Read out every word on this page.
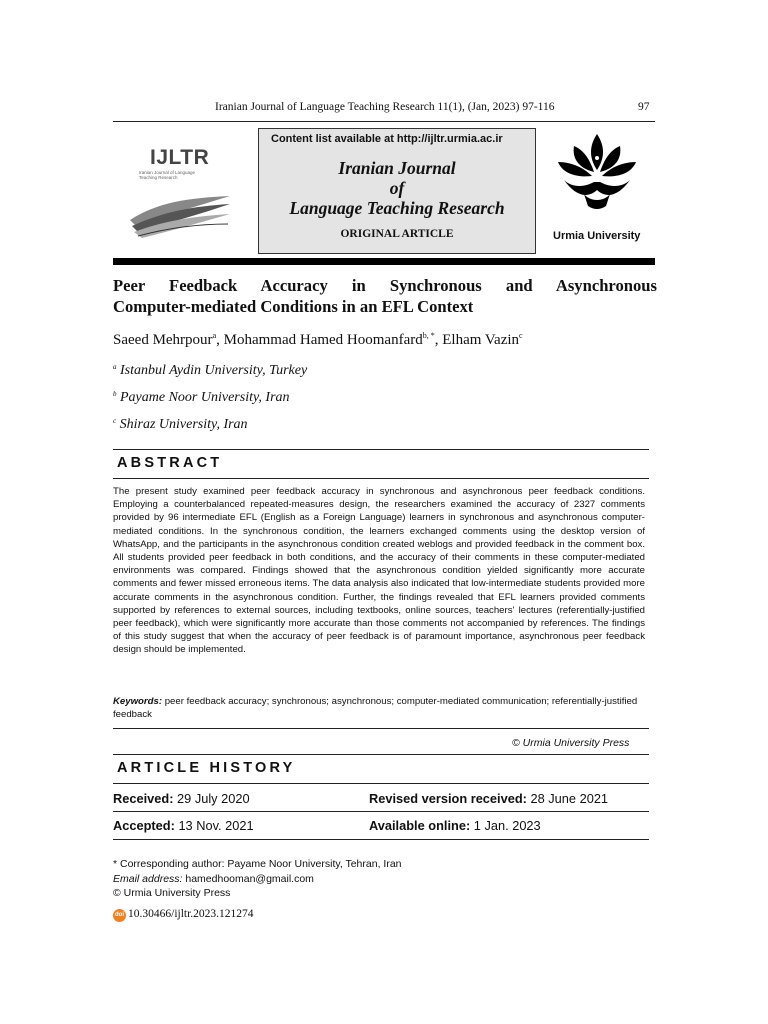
Iranian Journal of Language Teaching Research 11(1), (Jan, 2023) 97-116	97
IJLTR
Iranian Journal of Language Teaching Research
Content list available at http://ijltr.urmia.ac.ir
Iranian Journal
of
Language Teaching Research
ORIGINAL ARTICLE	Urmia University
Peer Feedback Accuracy in Synchronous and Asynchronous
Computer-mediated Conditions in an EFL Context
Saeed Mehrpour$^a$, Mohammad Hamed Hoomanfard$^{b, *}$, Elham Vazin$^c$
$^a$ Istanbul Aydin University, Turkey
$^b$ Payame Noor University, Iran
$^c$ Shiraz University, Iran
ABSTRACT
The present study examined peer feedback accuracy in synchronous and asynchronous peer feedback conditions. Employing a counterbalanced repeated-measures design, the researchers examined the accuracy of 2327 comments provided by 96 intermediate EFL (English as a Foreign Language) learners in synchronous and asynchronous computer-mediated conditions. In the synchronous condition, the learners exchanged comments using the desktop version of WhatsApp, and the participants in the asynchronous condition created weblogs and provided feedback in the comment box. All students provided peer feedback in both conditions, and the accuracy of their comments in these computer-mediated environments was compared. Findings showed that the asynchronous condition yielded significantly more accurate comments and fewer missed erroneous items. The data analysis also indicated that low-intermediate students provided more accurate comments in the asynchronous condition. Further, the findings revealed that EFL learners provided comments supported by references to external sources, including textbooks, online sources, teachers' lectures (referentially-justified peer feedback), which were significantly more accurate than those comments not accompanied by references. The findings of this study suggest that when the accuracy of peer feedback is of paramount importance, asynchronous peer feedback design should be implemented.
Keywords: peer feedback accuracy; synchronous; asynchronous; computer-mediated communication; referentially-justified feedback
© Urmia University Press
ARTICLE HISTORY
Received: 29 July 2020	Revised version received: 28 June 2021
Accepted: 13 Nov. 2021	Available online: 1 Jan. 2023
* Corresponding author: Payame Noor University, Tehran, Iran
Email address: hamedhooman@gmail.com
© Urmia University Press
doi 10.30466/ijltr.2023.121274
